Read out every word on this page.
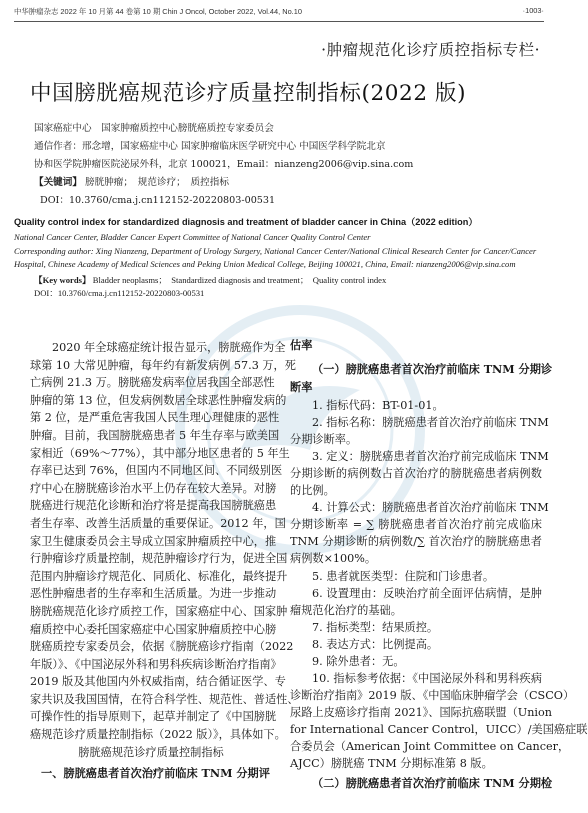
中华肿瘤杂志 2022 年 10 月第 44 卷第 10 期 Chin J Oncol, October 2022, Vol.44, No.10	·1003·
·肿瘤规范化诊疗质控指标专栏·
中国膀胱癌规范诊疗质量控制指标(2022 版)
国家癌症中心　国家肿瘤质控中心膀胱癌质控专家委员会
通信作者：邢念增，国家癌症中心 国家肿瘤临床医学研究中心 中国医学科学院北京
协和医学院肿瘤医院泌尿外科，北京 100021，Email：nianzeng2006@vip.sina.com
【关键词】 膀胱肿瘤；　规范诊疗；　质控指标
DOI：10.3760/cma.j.cn112152-20220803-00531
Quality control index for standardized diagnosis and treatment of bladder cancer in China（2022 edition）
National Cancer Center, Bladder Cancer Expert Committee of National Cancer Quality Control Center
Corresponding author: Xing Nianzeng, Department of Urology Surgery, National Cancer Center/National Clinical Research Center for Cancer/Cancer Hospital, Chinese Academy of Medical Sciences and Peking Union Medical College, Beijing 100021, China, Email: nianzeng2006@vip.sina.com
【Key words】 Bladder neoplasms；　Standardized diagnosis and treatment；　Quality control index
DOI：10.3760/cma.j.cn112152-20220803-00531
2020 年全球癌症统计报告显示，膀胱癌作为全
球第 10 大常见肿瘤，每年约有新发病例 57.3 万，死
亡病例 21.3 万。膀胱癌发病率位居我国全部恶性
肿瘤的第 13 位，但发病例数居全球恶性肿瘤发病的
第 2 位，是严重危害我国人民生理心理健康的恶性
肿瘤。目前，我国膀胱癌患者 5 年生存率与欧美国
家相近（69%～77%），其中部分地区患者的 5 年生
存率已达到 76%，但国内不同地区间、不同级别医
疗中心在膀胱癌诊治水平上仍存在较大差异。对膀
胱癌进行规范化诊断和治疗将是提高我国膀胱癌患
者生存率、改善生活质量的重要保证。2012 年，国
家卫生健康委员会主导成立国家肿瘤质控中心，推
行肿瘤诊疗质量控制，规范肿瘤诊疗行为，促进全国
范围内肿瘤诊疗规范化、同质化、标准化，最终提升
恶性肿瘤患者的生存率和生活质量。为进一步推动
膀胱癌规范化诊疗质控工作，国家癌症中心、国家肿
瘤质控中心委托国家癌症中心国家肿瘤质控中心膀
胱癌质控专家委员会，依据《膀胱癌诊疗指南（2022
年版）》、《中国泌尿外科和男科疾病诊断治疗指南》
2019 版及其他国内外权威指南，结合循证医学、专
家共识及我国国情，在符合科学性、规范性、普适性、
可操作性的指导原则下，起草并制定了《中国膀胱
癌规范诊疗质量控制指标（2022 版）》，具体如下。
膀胱癌规范诊疗质量控制指标
一、膀胱癌患者首次治疗前临床 TNM 分期评
估率
（一）膀胱癌患者首次治疗前临床 TNM 分期诊
断率
1. 指标代码：BT-01-01。
2. 指标名称：膀胱癌患者首次治疗前临床 TNM
分期诊断率。
3. 定义：膀胱癌患者首次治疗前完成临床 TNM
分期诊断的病例数占首次治疗的膀胱癌患者病例数
的比例。
4. 计算公式：膀胱癌患者首次治疗前临床 TNM
分期诊断率 = ∑ 膀胱癌患者首次治疗前完成临床
TNM 分期诊断的病例数/∑ 首次治疗的膀胱癌患者
病例数×100%。
5. 患者就医类型：住院和门诊患者。
6. 设置理由：反映治疗前全面评估病情，是肿
瘤规范化治疗的基础。
7. 指标类型：结果质控。
8. 表达方式：比例提高。
9. 除外患者：无。
10. 指标参考依据：《中国泌尿外科和男科疾病
诊断治疗指南》2019 版、《中国临床肿瘤学会（CSCO）
尿路上皮癌诊疗指南 2021》、国际抗癌联盟（Union
for International Cancer Control，UICC）/美国癌症联
合委员会（American Joint Committee on Cancer，
AJCC）膀胱癌 TNM 分期标准第 8 版。
（二）膀胱癌患者首次治疗前临床 TNM 分期检
